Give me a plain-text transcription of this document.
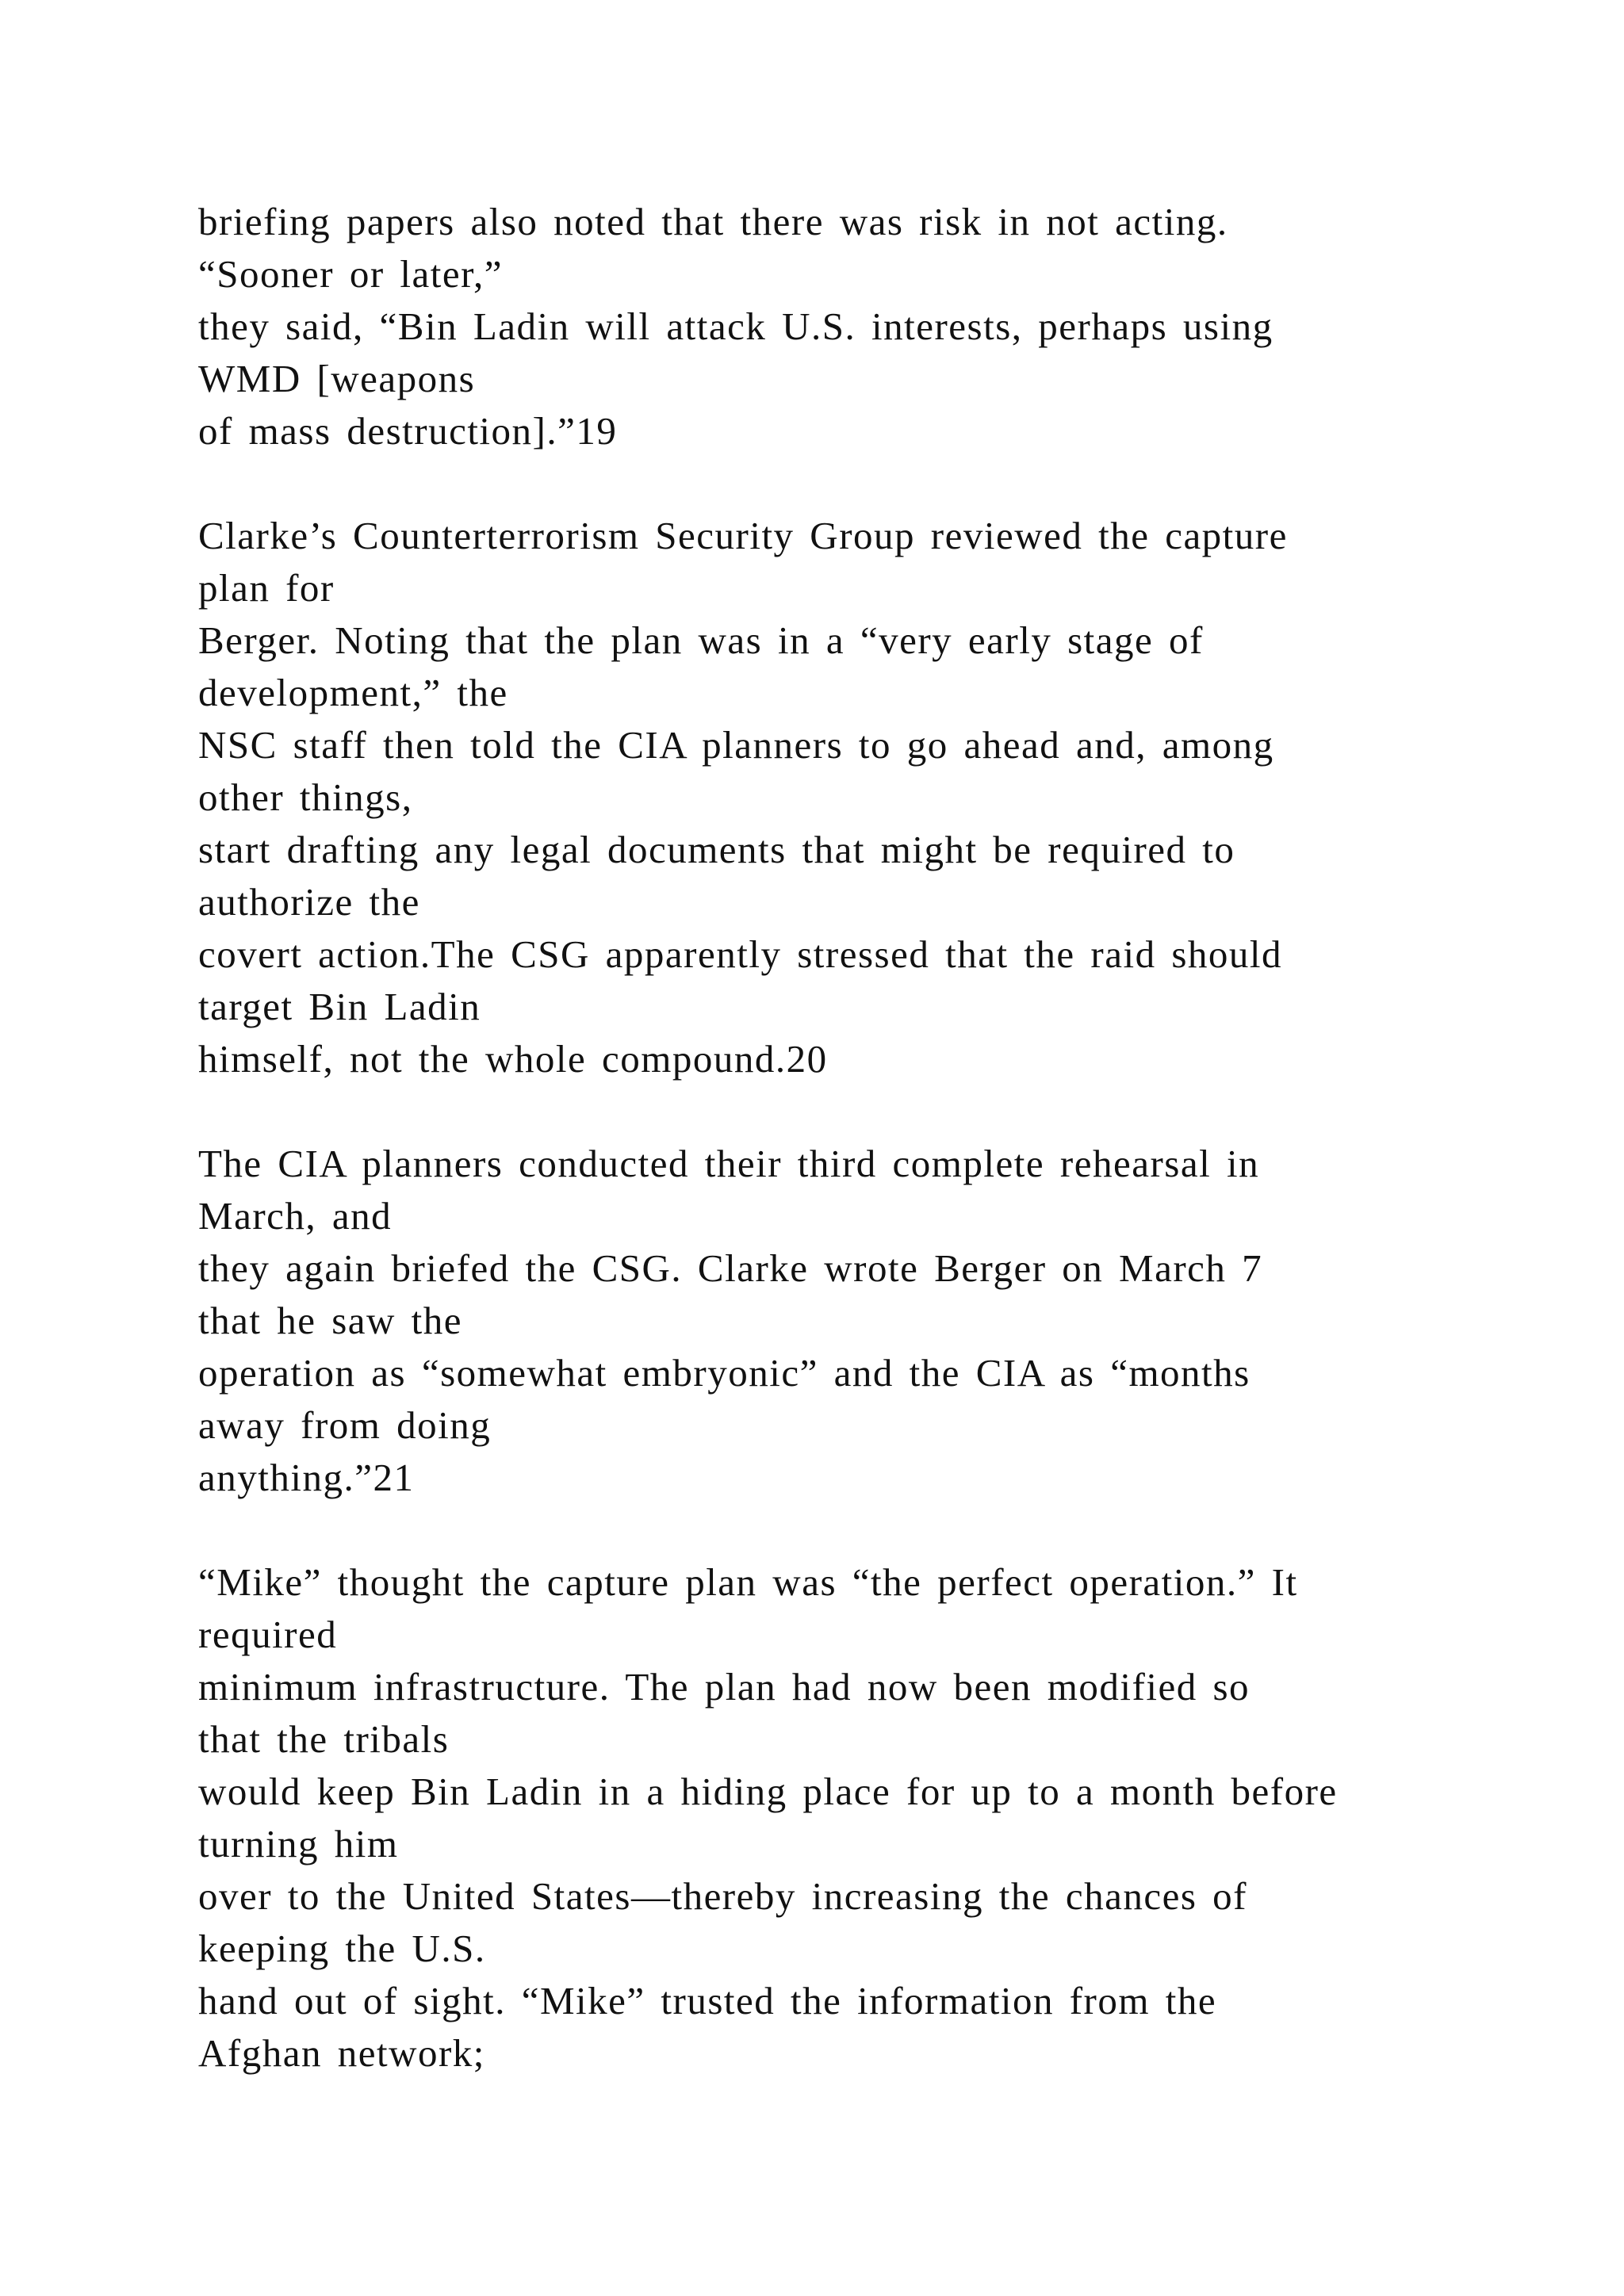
briefing papers also noted that there was risk in not acting.
“Sooner or later,”
they said, “Bin Ladin will attack U.S. interests, perhaps using
WMD [weapons
of mass destruction].”19
Clarke’s Counterterrorism Security Group reviewed the capture
plan for
Berger. Noting that the plan was in a “very early stage of
development,” the
NSC staff then told the CIA planners to go ahead and, among
other things,
start drafting any legal documents that might be required to
authorize the
covert action.The CSG apparently stressed that the raid should
target Bin Ladin
himself, not the whole compound.20
The CIA planners conducted their third complete rehearsal in
March, and
they again briefed the CSG. Clarke wrote Berger on March 7
that he saw the
operation as “somewhat embryonic” and the CIA as “months
away from doing
anything.”21
“Mike” thought the capture plan was “the perfect operation.” It
required
minimum infrastructure. The plan had now been modified so
that the tribals
would keep Bin Ladin in a hiding place for up to a month before
turning him
over to the United States—thereby increasing the chances of
keeping the U.S.
hand out of sight. “Mike” trusted the information from the
Afghan network;
